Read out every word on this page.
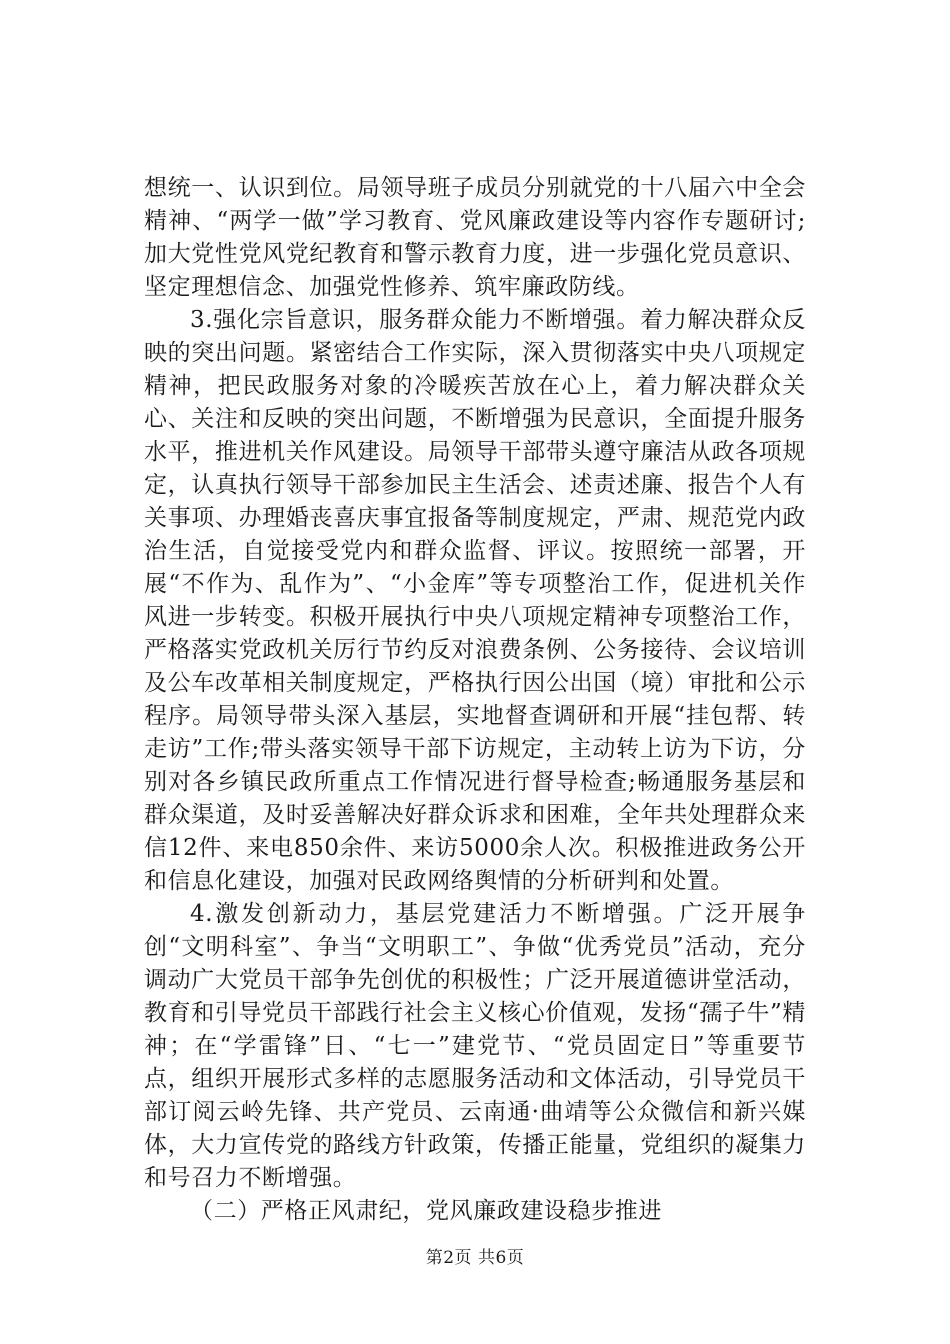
想统一、认识到位。局领导班子成员分别就党的十八届六中全会精神、“两学一做”学习教育、党风廉政建设等内容作专题研讨;加大党性党风党纪教育和警示教育力度，进一步强化党员意识、坚定理想信念、加强党性修养、筑牢廉政防线。

3.强化宗旨意识，服务群众能力不断增强。着力解决群众反映的突出问题。紧密结合工作实际，深入贯彻落实中央八项规定精神，把民政服务对象的冷暖疾苦放在心上，着力解决群众关心、关注和反映的突出问题，不断增强为民意识，全面提升服务水平，推进机关作风建设。局领导干部带头遵守廉洁从政各项规定，认真执行领导干部参加民主生活会、述责述廉、报告个人有关事项、办理婚丧喜庆事宜报备等制度规定，严肃、规范党内政治生活，自觉接受党内和群众监督、评议。按照统一部署，开展“不作为、乱作为”、“小金库”等专项整治工作，促进机关作风进一步转变。积极开展执行中央八项规定精神专项整治工作，严格落实党政机关厉行节约反对浪费条例、公务接待、会议培训及公车改革相关制度规定，严格执行因公出国（境）审批和公示程序。局领导带头深入基层，实地督查调研和开展“挂包帮、转走访”工作;带头落实领导干部下访规定，主动转上访为下访，分别对各乡镇民政所重点工作情况进行督导检查;畅通服务基层和群众渠道，及时妥善解决好群众诉求和困难，全年共处理群众来信12件、来电850余件、来访5000余人次。积极推进政务公开和信息化建设，加强对民政网络舆情的分析研判和处置。

4.激发创新动力，基层党建活力不断增强。广泛开展争创“文明科室”、争当“文明职工”、争做“优秀党员”活动，充分调动广大党员干部争先创优的积极性；广泛开展道德讲堂活动，教育和引导党员干部践行社会主义核心价值观，发扬“孺子牛”精神；在“学雷锋”日、“七一”建党节、“党员固定日”等重要节点，组织开展形式多样的志愿服务活动和文体活动，引导党员干部订阅云岭先锋、共产党员、云南通·曲靖等公众微信和新兴媒体，大力宣传党的路线方针政策，传播正能量，党组织的凝集力和号召力不断增强。

（二）严格正风肃纪，党风廉政建设稳步推进

第2页 共6页
